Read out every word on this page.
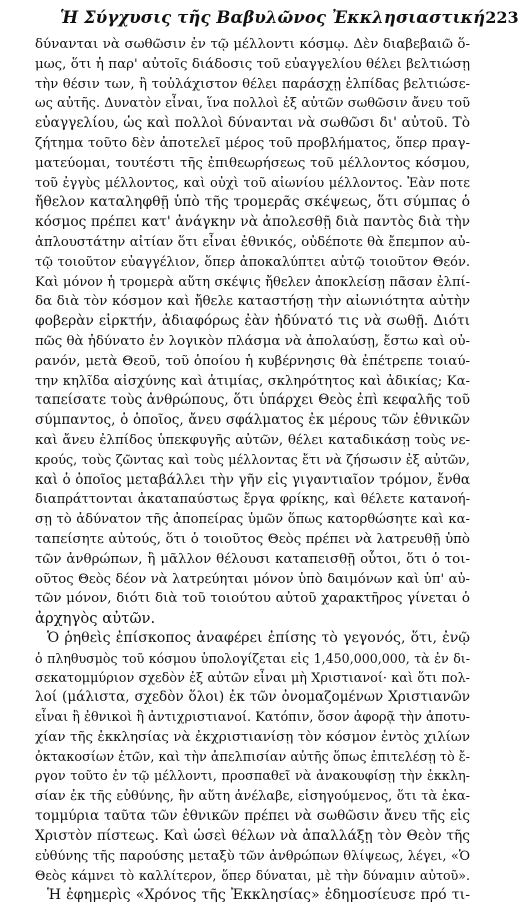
Ἡ Σύγχυσις τῆς Βαβυλῶνος Ἐκκλησιαστική 223
δύνανται νὰ σωθῶσιν ἐν τῷ μέλλοντι κόσμῳ. Δὲν διαβεβαιῶ ὅ-
μως, ὅτι ἡ παρ' αὐτοῖς διάδοσις τοῦ εὐαγγελίου θέλει βελτιώσῃ
τὴν θέσιν των, ἢ τοὐλάχιστον θέλει παράσχῃ ἐλπίδας βελτιώσε-
ως αὐτῆς. Δυνατὸν εἶναι, ἵνα πολλοὶ ἐξ αὐτῶν σωθῶσιν ἄνευ τοῦ
εὐαγγελίου, ὡς καὶ πολλοὶ δύνανται νὰ σωθῶσι δι' αὐτοῦ. Τὸ
ζήτημα τοῦτο δὲν ἀποτελεῖ μέρος τοῦ προβλήματος, ὅπερ πραγ-
ματεύομαι, τουτέστι τῆς ἐπιθεωρήσεως τοῦ μέλλοντος κόσμου,
τοῦ ἐγγὺς μέλλοντος, καὶ οὐχὶ τοῦ αἰωνίου μέλλοντος. Ἐὰν ποτε
ἤθελον καταληφθῇ ὑπὸ τῆς τρομερᾶς σκέψεως, ὅτι σύμπας ὁ
κόσμος πρέπει κατ' ἀνάγκην νὰ ἀπολεσθῇ διὰ παντὸς διὰ τὴν
ἁπλουστάτην αἰτίαν ὅτι εἶναι ἐθνικός, οὐδέποτε θὰ ἔπεμπον αὐ-
τῷ τοιοῦτον εὐαγγέλιον, ὅπερ ἀποκαλύπτει αὐτῷ τοιοῦτον Θεόν.
Καὶ μόνον ἡ τρομερὰ αὕτη σκέψις ἤθελεν ἀποκλείσῃ πᾶσαν ἐλπί-
δα διὰ τὸν κόσμον καὶ ἤθελε καταστήσῃ τὴν αἰωνιότητα αὐτὴν
φοβερὰν εἱρκτήν, ἀδιαφόρως ἐὰν ἠδύνατό τις νὰ σωθῇ. Διότι
πῶς θὰ ἠδύνατο ἐν λογικὸν πλάσμα νὰ ἀπολαύσῃ, ἔστω καὶ οὐ-
ρανόν, μετὰ Θεοῦ, τοῦ ὁποίου ἡ κυβέρνησις θὰ ἐπέτρεπε τοιαύ-
την κηλῖδα αἰσχύνης καὶ ἀτιμίας, σκληρότητος καὶ ἀδικίας; Κα-
ταπείσατε τοὺς ἀνθρώπους, ὅτι ὑπάρχει Θεὸς ἐπὶ κεφαλῆς τοῦ
σύμπαντος, ὁ ὁποῖος, ἄνευ σφάλματος ἐκ μέρους τῶν ἐθνικῶν
καὶ ἄνευ ἐλπίδος ὑπεκφυγῆς αὐτῶν, θέλει καταδικάσῃ τοὺς νε-
κρούς, τοὺς ζῶντας καὶ τοὺς μέλλοντας ἔτι νὰ ζήσωσιν ἐξ αὐτῶν,
καὶ ὁ ὁποῖος μεταβάλλει τὴν γῆν εἰς γιγαντιαῖον τρόμον, ἔνθα
διαπράττονται ἀκαταπαύστως ἔργα φρίκης, καὶ θέλετε κατανοή-
σῃ τὸ ἀδύνατον τῆς ἀποπείρας ὑμῶν ὅπως κατορθώσητε καὶ κα-
ταπείσητε αὐτούς, ὅτι ὁ τοιοῦτος Θεὸς πρέπει νὰ λατρευθῇ ὑπὸ
τῶν ἀνθρώπων, ἢ μᾶλλον θέλουσι καταπεισθῇ οὗτοι, ὅτι ὁ τοι-
οῦτος Θεὸς δέον νὰ λατρεύηται μόνον ὑπὸ δαιμόνων καὶ ὑπ' αὐ-
τῶν μόνον, διότι διὰ τοῦ τοιούτου αὐτοῦ χαρακτῆρος γίνεται ὁ
ἀρχηγὸς αὐτῶν.
Ὁ ῥηθεὶς ἐπίσκοπος ἀναφέρει ἐπίσης τὸ γεγονός, ὅτι, ἐνῷ
ὁ πληθυσμὸς τοῦ κόσμου ὑπολογίζεται εἰς 1,450,000,000, τὰ ἐν δι-
σεκατομμύριον σχεδὸν ἐξ αὐτῶν εἶναι μὴ Χριστιανοί· καὶ ὅτι πολ-
λοί (μάλιστα, σχεδὸν ὅλοι) ἐκ τῶν ὀνομαζομένων Χριστιανῶν
εἶναι ἢ ἐθνικοὶ ἢ ἀντιχριστιανοί. Κατόπιν, ὅσον ἀφορᾷ τὴν ἀποτυ-
χίαν τῆς ἐκκλησίας νὰ ἐκχριστιανίσῃ τὸν κόσμον ἐντὸς χιλίων
ὀκτακοσίων ἐτῶν, καὶ τὴν ἀπελπισίαν αὐτῆς ὅπως ἐπιτελέσῃ τὸ ἔ-
ργον τοῦτο ἐν τῷ μέλλοντι, προσπαθεῖ νὰ ἀνακουφίσῃ τὴν ἐκκλη-
σίαν ἐκ τῆς εὐθύνης, ἣν αὕτη ἀνέλαβε, εἰσηγούμενος, ὅτι τὰ ἑκα-
τομμύρια ταῦτα τῶν ἐθνικῶν πρέπει νὰ σωθῶσιν ἄνευ τῆς εἰς
Χριστὸν πίστεως. Καὶ ὡσεὶ θέλων νὰ ἀπαλλάξῃ τὸν Θεὸν τῆς
εὐθύνης τῆς παρούσης μεταξὺ τῶν ἀνθρώπων θλίψεως, λέγει, «Ὁ
Θεὸς κάμνει τὸ καλλίτερον, ὅπερ δύναται, μὲ τὴν δύναμιν αὐτοῦ».
Ἡ ἐφημερὶς «Χρόνος τῆς Ἐκκλησίας» ἐδημοσίευσε πρό τι-
